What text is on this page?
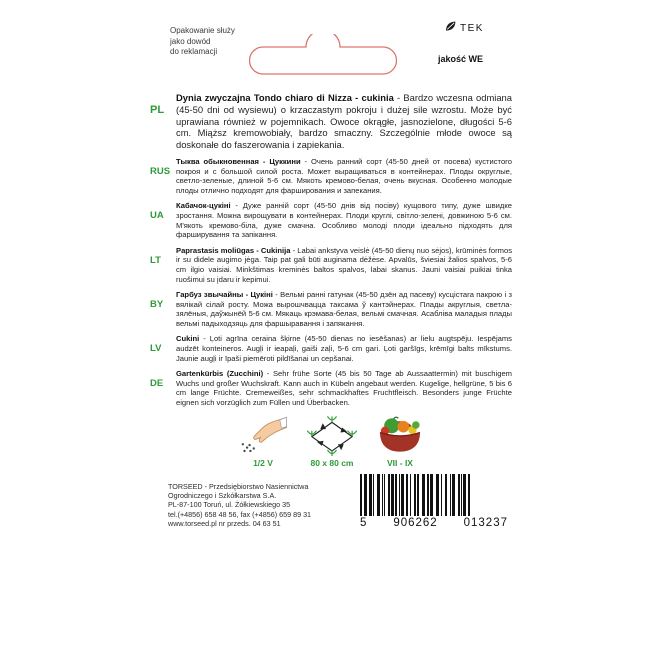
Opakowanie służy
jako dowód
do reklamacji
TEK
jakość WE
PL
Dynia zwyczajna Tondo chiaro di Nizza - cukinia - Bardzo wczesna odmiana (45-50 dni od wysiewu) o krzaczastym pokroju i dużej sile wzrostu. Może być uprawiana również w pojemnikach. Owoce okrągłe, jasnozielone, długości 5-6 cm. Miąższ kremowobiały, bardzo smaczny. Szczególnie młode owoce są doskonałe do faszerowania i zapiekania.
RUS
Тыква обыкновенная - Цуккини - Очень ранний сорт (45-50 дней от посева) кустистого покроя и с большой силой роста. Может выращиваться в контейнерах. Плоды округлые, светло-зеленые, длиной 5-6 см. Мякоть кремово-белая, очень вкусная. Особенно молодые плоды отлично подходят для фарширования и запекания.
UA
Кабачок-цукіні - Дуже ранній сорт (45-50 днів від посіву) кущового типу, дуже швидке зростання. Можна вирощувати в контейнерах. Плоди круглі, світло-зелені, довжиною 5-6 см. М'якоть кремово-біла, дуже смачна. Особливо молоді плоди ідеально підходять для фарширування та запікання.
LT
Paprastasis moliūgas - Cukinija - Labai ankstyva veislė (45-50 dienų nuo sėjos), krūminės formos ir su didele augimo jėga. Taip pat gali būti auginama dėžėse. Apvalūs, šviesiai žalios spalvos, 5-6 cm ilgio vaisiai. Minkštimas kreminės baltos spalvos, labai skanus. Jauni vaisiai puikiai tinka ruošimui su įdaru ir kepimui.
BY
Гарбуз звычайны - Цукіні - Вельмі ранні гатунак (45-50 дзён ад пасеву) кусцістага пакрою і з вялікай сілай росту. Можа вырошчвацца таксама ў кантэйнерах. Плады акруглыя, светла-зялёныя, даўжынёй 5-6 см. Мякаць крэмава-белая, вельмі смачная. Асабліва маладыя плады вельмі падыходзяць для фаршыравання і запякання.
LV
Cukini - Ļoti agrīna ceraina šķirne (45-50 dienas no iesēšanas) ar lielu augtspēju. Iespējams audzēt konteineros. Augļi ir ieapaļi, gaiši zaļi, 5-6 cm gari. Ļoti garšīgs, krēmīgi balts mīkstums. Jaunie augļi ir īpaši piemēroti pildīšanai un cepšanai.
DE
Gartenkürbis (Zucchini) - Sehr frühe Sorte (45 bis 50 Tage ab Aussaattermin) mit buschigem Wuchs und großer Wuchskraft. Kann auch in Kübeln angebaut werden. Kugelige, hellgrüne, 5 bis 6 cm lange Früchte. Cremeweißes, sehr schmackhaftes Fruchtfleisch. Besonders junge Früchte eignen sich vorzüglich zum Füllen und Überbacken.
1/2 V	80 x 80 cm	VII - IX
TORSEED - Przedsiębiorstwo Nasiennictwa
Ogrodniczego i Szkółkarstwa S.A.
PL-87-100 Toruń, ul. Żółkiewskiego 35
tel.(+4856) 658 48 56, fax (+4856) 659 89 31
www.torseed.pl nr przeds. 04 63 51	5 906262 013237
